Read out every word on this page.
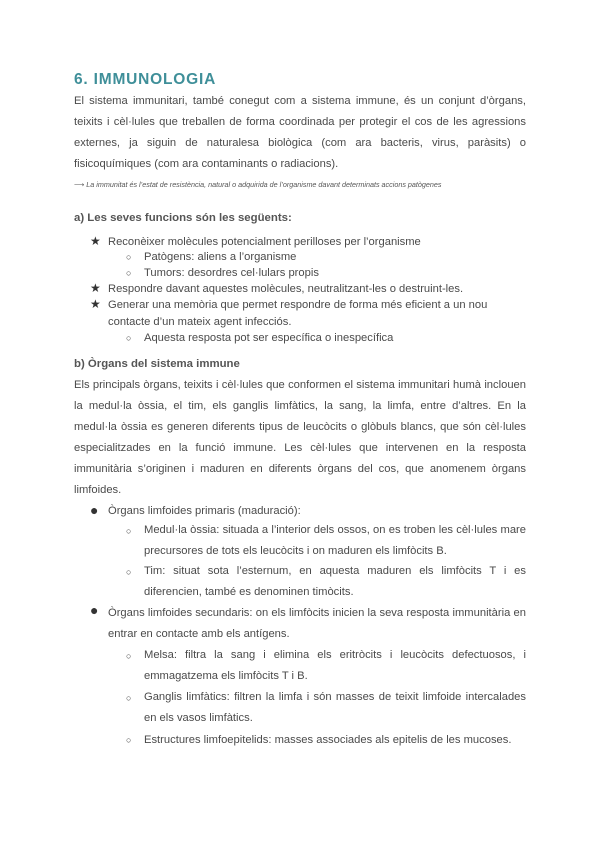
6. IMMUNOLOGIA

El sistema immunitari, també conegut com a sistema immune, és un conjunt d’òrgans, teixits i cèl·lules que treballen de forma coordinada per protegir el cos de les agressions externes, ja siguin de naturalesa biològica (com ara bacteris, virus, paràsits) o fisicoquímiques (com ara contaminants o radiacions).

⟶ La immunitat és l’estat de resistència, natural o adquirida de l’organisme davant determinats accions patògenes

a) Les seves funcions són les següents:
★ Reconèixer molècules potencialment perilloses per l’organisme

○ Patògens: aliens a l’organisme

○ Tumors: desordres cel·lulars propis

★ Respondre davant aquestes molècules, neutralitzant-les o destruint-les.

★ Generar una memòria que permet respondre de forma més eficient a un nou contacte d’un mateix agent infecciós.

○ Aquesta resposta pot ser específica o inespecífica

b) Òrgans del sistema immune

Els principals òrgans, teixits i cèl·lules que conformen el sistema immunitari humà inclouen la medul·la òssia, el tim, els ganglis limfàtics, la sang, la limfa, entre d’altres. En la medul·la òssia es generen diferents tipus de leucòcits o glòbuls blancs, que són cèl·lules especialitzades en la funció immune. Les cèl·lules que intervenen en la resposta immunitària s’originen i maduren en diferents òrgans del cos, que anomenem òrgans limfoides.

● Òrgans limfoides primaris (maduració):

○ Medul·la òssia: situada a l’interior dels ossos, on es troben les cèl·lules mare precursores de tots els leucòcits i on maduren els limfòcits B.

○ Tim: situat sota l’esternum, en aquesta maduren els limfòcits T i es diferencien, també es denominen timòcits.

● Òrgans limfoides secundaris: on els limfòcits inicien la seva resposta immunitària en entrar en contacte amb els antígens.

○ Melsa: filtra la sang i elimina els eritròcits i leucòcits defectuosos, i emmagatzema els limfòcits T i B.

○ Ganglis limfàtics: filtren la limfa i són masses de teixit limfoide intercalades en els vasos limfàtics.

○ Estructures limfoepitelids: masses associades als epitelis de les mucoses.
